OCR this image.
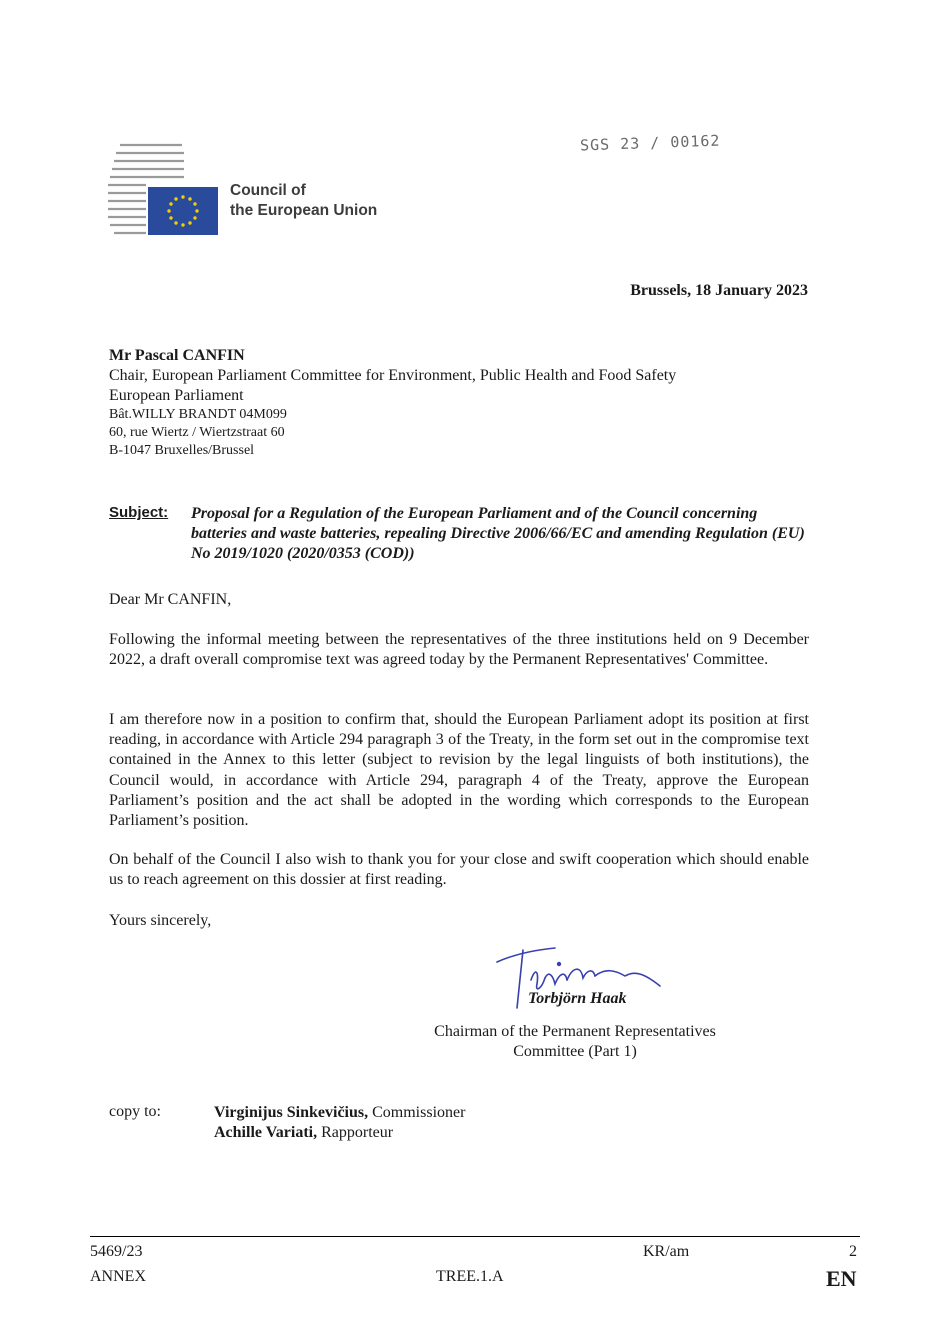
Council of
the European Union
SGS 23 / 00162
Brussels, 18 January 2023
Mr Pascal CANFIN
Chair, European Parliament Committee for Environment, Public Health and Food Safety
European Parliament
Bât.WILLY BRANDT 04M099
60, rue Wiertz / Wiertzstraat 60
B-1047 Bruxelles/Brussel
Subject: Proposal for a Regulation of the European Parliament and of the Council concerning batteries and waste batteries, repealing Directive 2006/66/EC and amending Regulation (EU) No 2019/1020 (2020/0353 (COD))
Dear Mr CANFIN,
Following the informal meeting between the representatives of the three institutions held on 9 December 2022, a draft overall compromise text was agreed today by the Permanent Representatives' Committee.
I am therefore now in a position to confirm that, should the European Parliament adopt its position at first reading, in accordance with Article 294 paragraph 3 of the Treaty, in the form set out in the compromise text contained in the Annex to this letter (subject to revision by the legal linguists of both institutions), the Council would, in accordance with Article 294, paragraph 4 of the Treaty, approve the European Parliament’s position and the act shall be adopted in the wording which corresponds to the European Parliament’s position.
On behalf of the Council I also wish to thank you for your close and swift cooperation which should enable us to reach agreement on this dossier at first reading.
Yours sincerely,
Torbjörn Haak
Chairman of the Permanent Representatives Committee (Part 1)
copy to:	Virginijus Sinkevičius, Commissioner
Achille Variati, Rapporteur
5469/23	KR/am	2
ANNEX	TREE.1.A	EN
